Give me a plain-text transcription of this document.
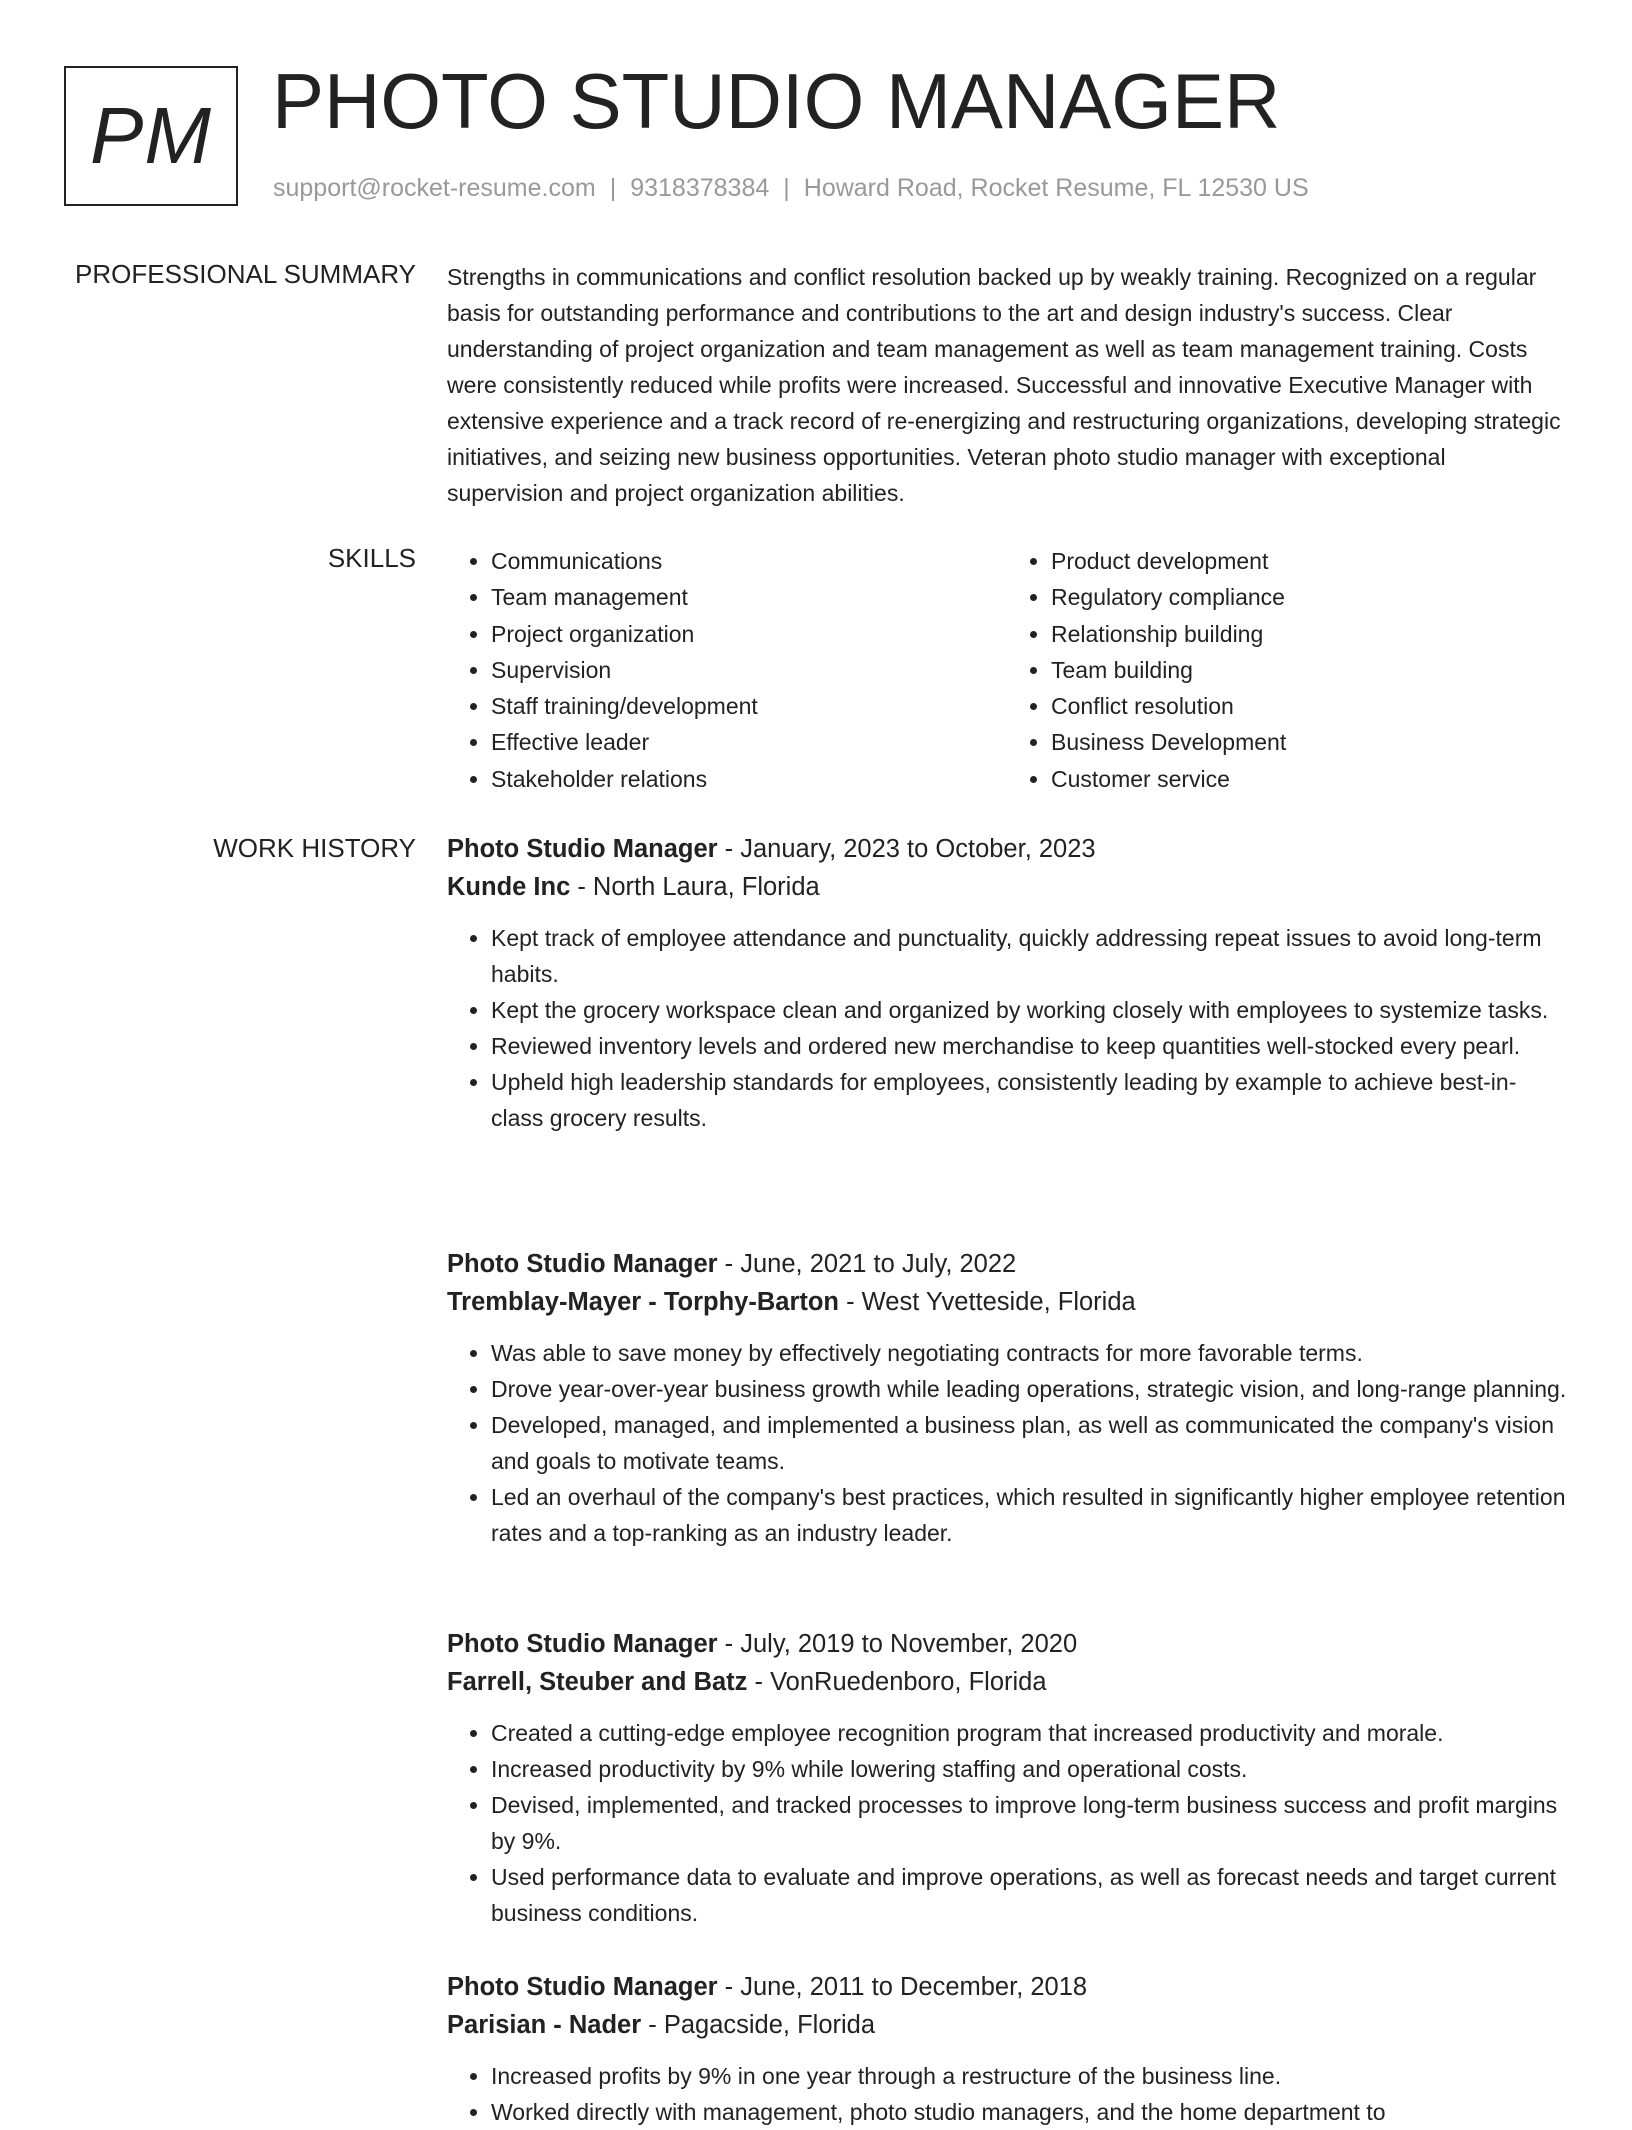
PM PHOTO STUDIO MANAGER
support@rocket-resume.com | 9318378384 | Howard Road, Rocket Resume, FL 12530 US
PROFESSIONAL SUMMARY Strengths in communications and conflict resolution backed up by weakly training. Recognized on a regular basis for outstanding performance and contributions to the art and design industry's success. Clear understanding of project organization and team management as well as team management training. Costs were consistently reduced while profits were increased. Successful and innovative Executive Manager with extensive experience and a track record of re-energizing and restructuring organizations, developing strategic initiatives, and seizing new business opportunities. Veteran photo studio manager with exceptional supervision and project organization abilities.

SKILLS
•	Communications
• Team management
• Project organization
• Supervision
• Staff training/development
• Effective leader
• Stakeholder relations
• Product development
• Regulatory compliance
• Relationship building
• Team building
• Conflict resolution
• Business Development
• Customer service
WORK HISTORY Photo Studio Manager - January, 2023 to October, 2023
Kunde Inc - North Laura, Florida
• Kept track of employee attendance and punctuality, quickly addressing repeat issues to avoid long-term habits.
• Kept the grocery workspace clean and organized by working closely with employees to systemize tasks.
• Reviewed inventory levels and ordered new merchandise to keep quantities well-stocked every pearl.
• Upheld high leadership standards for employees, consistently leading by example to achieve best-in-class grocery results.
Photo Studio Manager - June, 2021 to July, 2022
Tremblay-Mayer - Torphy-Barton - West Yvetteside, Florida
• Was able to save money by effectively negotiating contracts for more favorable terms.
• Drove year-over-year business growth while leading operations, strategic vision, and long-range planning.
• Developed, managed, and implemented a business plan, as well as communicated the company's vision and goals to motivate teams.
• Led an overhaul of the company's best practices, which resulted in significantly higher employee retention rates and a top-ranking as an industry leader.
Photo Studio Manager - July, 2019 to November, 2020
Farrell, Steuber and Batz - VonRuedenboro, Florida
• Created a cutting-edge employee recognition program that increased productivity and morale.
• Increased productivity by 9% while lowering staffing and operational costs.
• Devised, implemented, and tracked processes to improve long-term business success and profit margins by 9%.
• Used performance data to evaluate and improve operations, as well as forecast needs and target current business conditions.
Photo Studio Manager - June, 2011 to December, 2018
Parisian - Nader - Pagacside, Florida
• Increased profits by 9% in one year through a restructure of the business line.
• Worked directly with management, photo studio managers, and the home department to
